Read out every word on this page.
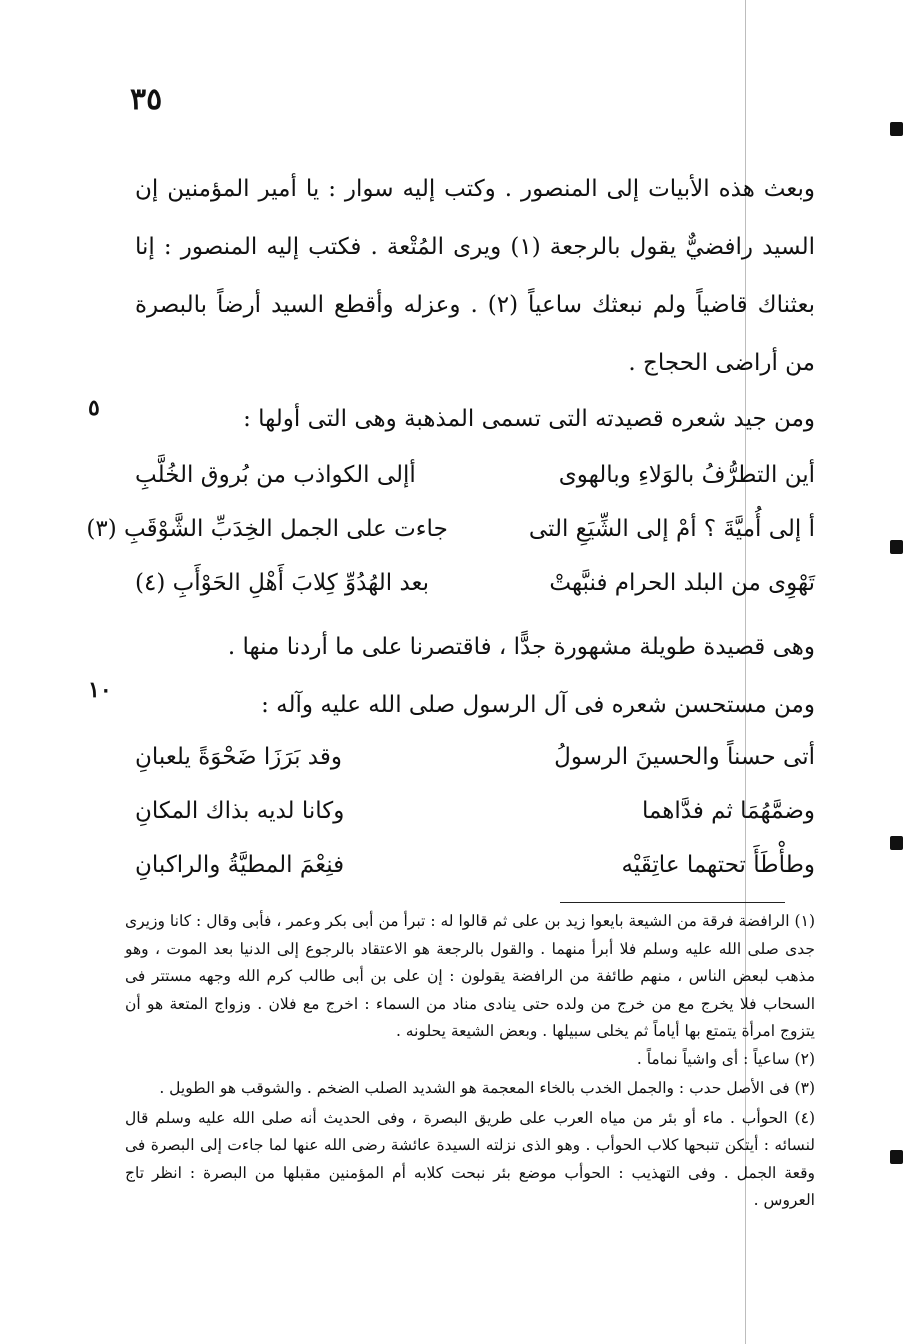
٣٥

وبعث هذه الأبيات إلى المنصور . وكتب إليه سوار : يا أمير المؤمنين إن السيد رافضيٌّ يقول بالرجعة (١) ويرى المُتْعة . فكتب إليه المنصور : إنا بعثناك قاضياً ولم نبعثك ساعياً (٢) . وعزله وأقطع السيد أرضاً بالبصرة من أراضى الحجاج .

٥	ومن جيد شعره قصيدته التى تسمى المذهبة وهى التى أولها :

أين التطرُّفُ بالوَلاءِ وبالهوى
أإلى الكواذب من بُروق الخُلَّبِ
أ إلى أُميَّةَ ؟ أمْ إلى الشِّيَعِ التى
جاءت على الجمل الخِدَبِّ الشَّوْقَبِ (٣)
تَهْوِى من البلد الحرام فنبَّهتْ
بعد الهُدُوِّ كِلابَ أَهْلِ الحَوْأَبِ (٤)

وهى قصيدة طويلة مشهورة جدًّا ، فاقتصرنا على ما أردنا منها .

١٠

ومن مستحسن شعره فى آل الرسول صلى الله عليه وآله :

أتى حسناً والحسينَ الرسولُ
وقد بَرَزَا ضَحْوَةً يلعبانِ
وضمَّهُمَا ثم فدَّاهما
وكانا لديه بذاك المكانِ
وطأْطَأَ تحتهما عاتِقَيْه
فنِعْمَ المطيَّةُ والراكبانِ

(١) الرافضة فرقة من الشيعة بايعوا زيد بن على ثم قالوا له : تبرأ من أبى بكر وعمر ، فأبى وقال : كانا وزيرى جدى صلى الله عليه وسلم فلا أبرأ منهما . والقول بالرجعة هو الاعتقاد بالرجوع إلى الدنيا بعد الموت ، وهو مذهب لبعض الناس ، منهم طائفة من الرافضة يقولون : إن على بن أبى طالب كرم الله وجهه مستتر فى السحاب فلا يخرج مع من خرج من ولده حتى ينادى مناد من السماء : اخرج مع فلان . وزواج المتعة هو أن يتزوج امرأة يتمتع بها أياماً ثم يخلى سبيلها . وبعض الشيعة يحلونه .

(٢) ساعياً : أى واشياً نماماً .

(٣) فى الأصل حدب : والجمل الخدب بالخاء المعجمة هو الشديد الصلب الضخم . والشوقب هو الطويل .

(٤) الحوأب . ماء أو بئر من مياه العرب على طريق البصرة ، وفى الحديث أنه صلى الله عليه وسلم قال لنسائه : أيتكن تنبحها كلاب الحوأب . وهو الذى نزلته السيدة عائشة رضى الله عنها لما جاءت إلى البصرة فى وقعة الجمل . وفى التهذيب : الحوأب موضع بئر نبحت كلابه أم المؤمنين مقبلها من البصرة : انظر تاج العروس .
